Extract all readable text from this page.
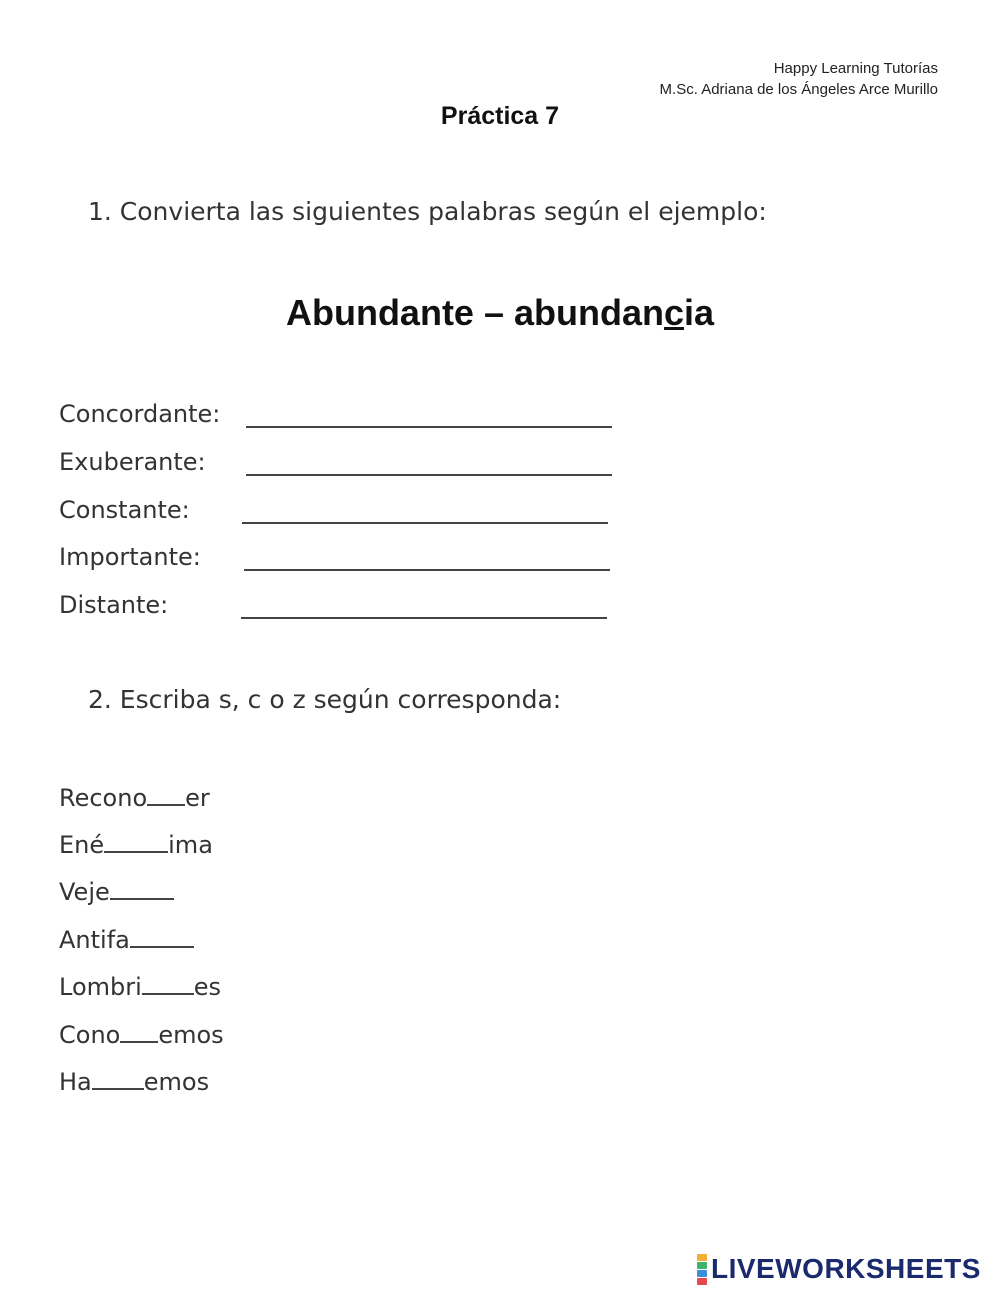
Happy Learning Tutorías
M.Sc. Adriana de los Ángeles Arce Murillo
Práctica 7
1. Convierta las siguientes palabras según el ejemplo:
Abundante – abundancia
Concordante:
Exuberante:
Constante:
Importante:
Distante:
2. Escriba s, c o z según corresponda:
Recono er
Ené	ima
Veje
Antifa
Lombri es
Cono emos
Ha emos
LIVEWORKSHEETS
